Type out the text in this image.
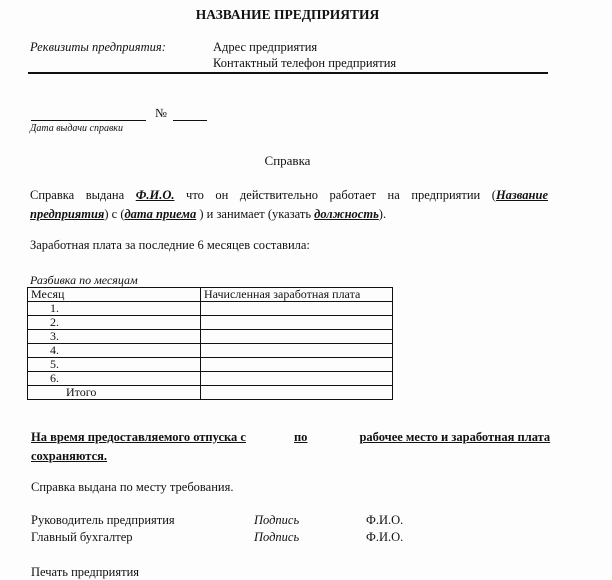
НАЗВАНИЕ ПРЕДПРИЯТИЯ
Реквизиты предприятия:	Адрес предприятия
Контактный телефон предприятия
№
Дата выдачи справки
Справка
Справка выдана Ф.И.О. что он действительно работает на предприятии (Название предприятия) с (дата приема ) и занимает (указать должность).
Заработная плата за последние 6 месяцев составила:
Разбивка по месяцам
Месяц	Начисленная заработная плата
1.	
2.	
3.	
4.	
5.	
6.	
Итого	
На время предоставляемого отпуска с	по	рабочее место и заработная плата
сохраняются.
Справка выдана по месту требования.
Руководитель предприятия	Подпись	Ф.И.О.
Главный бухгалтер	Подпись	Ф.И.О.
Печать предприятия
